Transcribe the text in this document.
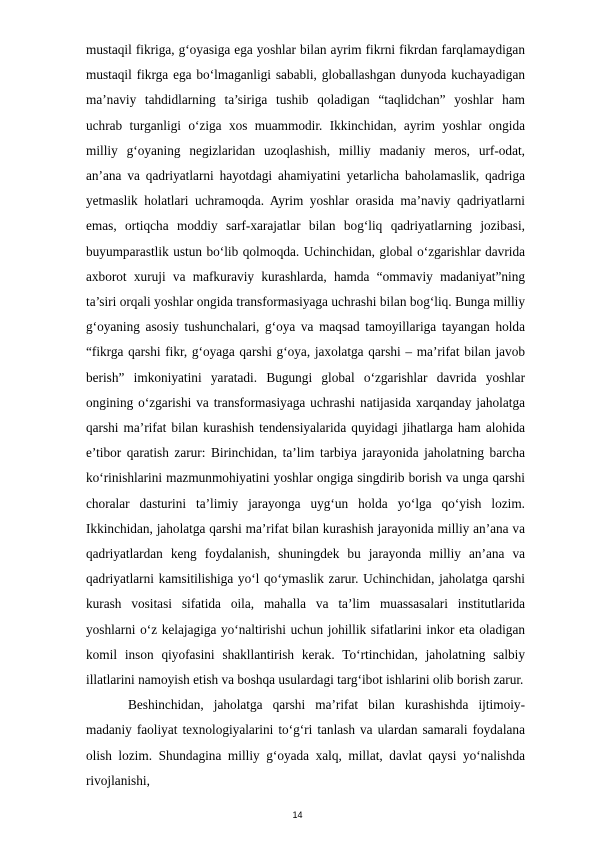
mustaqil fikriga, g‘oyasiga ega yoshlar bilan ayrim fikrni fikrdan farqlamaydigan mustaqil fikrga ega bo‘lmaganligi sababli, globallashgan dunyoda kuchayadigan ma’naviy tahdidlarning ta’siriga tushib qoladigan “taqlidchan” yoshlar ham uchrab turganligi o‘ziga xos muammodir. Ikkinchidan, ayrim yoshlar ongida milliy g‘oyaning negizlaridan uzoqlashish, milliy madaniy meros, urf-odat, an’ana va qadriyatlarni hayotdagi ahamiyatini yetarlicha baholamaslik, qadriga yetmaslik holatlari uchramoqda. Ayrim yoshlar orasida ma’naviy qadriyatlarni emas, ortiqcha moddiy sarf-xarajatlar bilan bog‘liq qadriyatlarning jozibasi, buyumparastlik ustun bo‘lib qolmoqda. Uchinchidan, global o‘zgarishlar davrida axborot xuruji va mafkuraviy kurashlarda, hamda “ommaviy madaniyat”ning ta’siri orqali yoshlar ongida transformasiyaga uchrashi bilan bog‘liq. Bunga milliy g‘oyaning asosiy tushunchalari, g‘oya va maqsad tamoyillariga tayangan holda “fikrga qarshi fikr, g‘oyaga qarshi g‘oya, jaxolatga qarshi – ma’rifat bilan javob berish” imkoniyatini yaratadi. Bugungi global o‘zgarishlar davrida yoshlar ongining o‘zgarishi va transformasiyaga uchrashi natijasida xarqanday jaholatga qarshi ma’rifat bilan kurashish tendensiyalarida quyidagi jihatlarga ham alohida e’tibor qaratish zarur: Birinchidan, ta’lim tarbiya jarayonida jaholatning barcha ko‘rinishlarini mazmunmohiyatini yoshlar ongiga singdirib borish va unga qarshi choralar dasturini ta’limiy jarayonga uyg‘un holda yo‘lga qo‘yish lozim. Ikkinchidan, jaholatga qarshi ma’rifat bilan kurashish jarayonida milliy an’ana va qadriyatlardan keng foydalanish, shuningdek bu jarayonda milliy an’ana va qadriyatlarni kamsitilishiga yo‘l qo‘ymaslik zarur. Uchinchidan, jaholatga qarshi kurash vositasi sifatida oila, mahalla va ta’lim muassasalari institutlarida yoshlarni o‘z kelajagiga yo‘naltirishi uchun johillik sifatlarini inkor eta oladigan komil inson qiyofasini shakllantirish kerak. To‘rtinchidan, jaholatning salbiy illatlarini namoyish etish va boshqa usulardagi targ‘ibot ishlarini olib borish zarur.

Beshinchidan, jaholatga qarshi ma’rifat bilan kurashishda ijtimoiy-madaniy faoliyat texnologiyalarini to‘g‘ri tanlash va ulardan samarali foydalana olish lozim. Shundagina milliy g‘oyada xalq, millat, davlat qaysi yo‘nalishda rivojlanishi,

14
